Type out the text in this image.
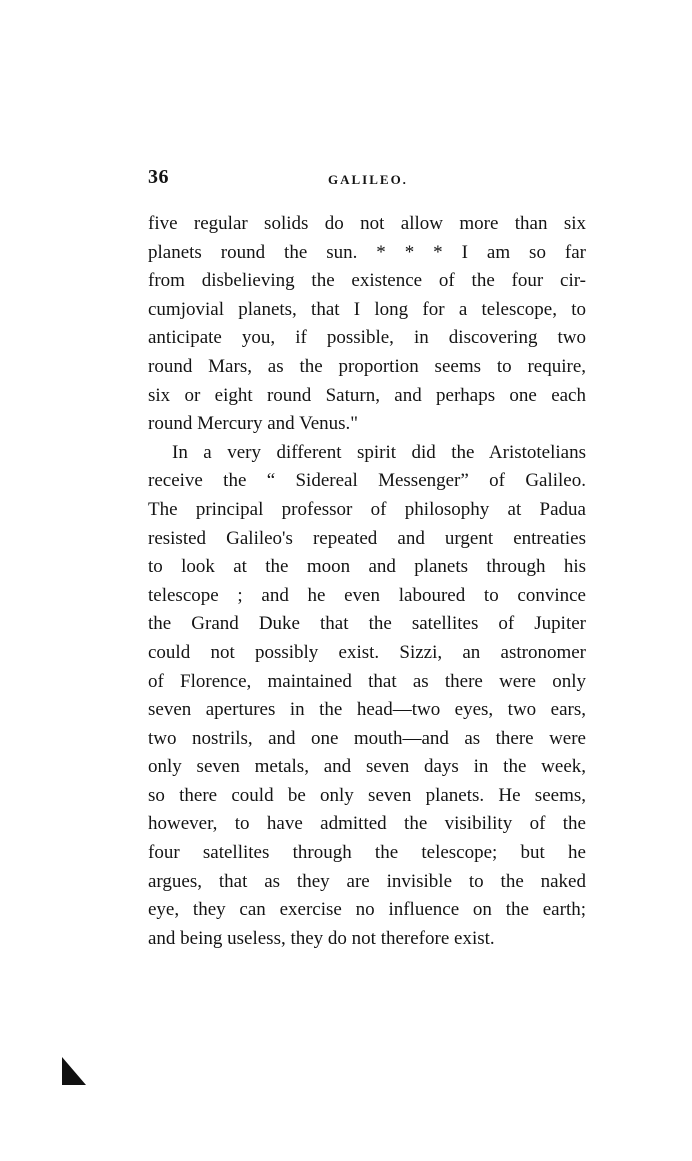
36	GALILEO.
five regular solids do not allow more than six
planets round the sun. * * * I am so far
from disbelieving the existence of the four cir-
cumjovial planets, that I long for a telescope, to
anticipate you, if possible, in discovering two
round Mars, as the proportion seems to require,
six or eight round Saturn, and perhaps one each
round Mercury and Venus."
In a very different spirit did the Aristotelians
receive the “ Sidereal Messenger” of Galileo.
The principal professor of philosophy at Padua
resisted Galileo's repeated and urgent entreaties
to look at the moon and planets through his
telescope ; and he even laboured to convince
the Grand Duke that the satellites of Jupiter
could not possibly exist. Sizzi, an astronomer
of Florence, maintained that as there were only
seven apertures in the head—two eyes, two ears,
two nostrils, and one mouth—and as there were
only seven metals, and seven days in the week,
so there could be only seven planets. He seems,
however, to have admitted the visibility of the
four satellites through the telescope; but he
argues, that as they are invisible to the naked
eye, they can exercise no influence on the earth;
and being useless, they do not therefore exist.
